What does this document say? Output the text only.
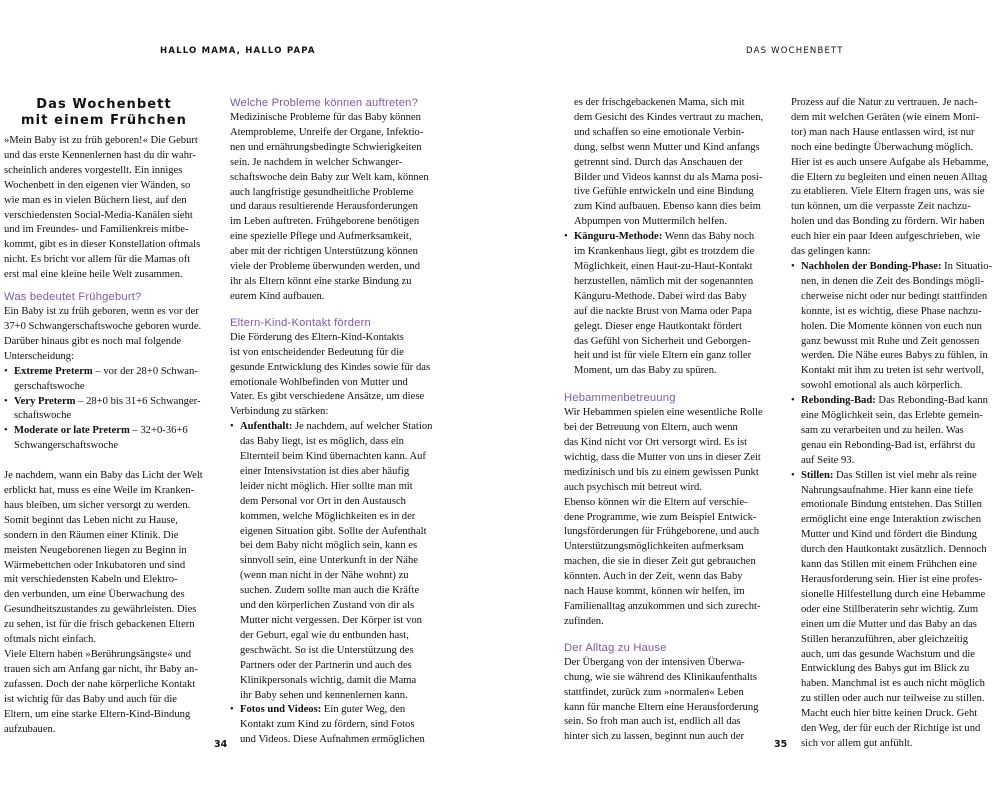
HALLO MAMA, HALLO PAPA
Das Wochenbett
mit einem Frühchen
»Mein Baby ist zu früh geboren!« Die Geburt
und das erste Kennenlernen hast du dir wahr-
scheinlich anderes vorgestellt. Ein inniges
Wochenbett in den eigenen vier Wänden, so
wie man es in vielen Büchern liest, auf den
verschiedensten Social-Media-Kanälen sieht
und im Freundes- und Familienkreis mitbe-
kommt, gibt es in dieser Konstellation oftmals
nicht. Es bricht vor allem für die Mamas oft
erst mal eine kleine heile Welt zusammen.
Was bedeutet Frühgeburt?
Ein Baby ist zu früh geboren, wenn es vor der
37+0 Schwangerschaftswoche geboren wurde.
Darüber hinaus gibt es noch mal folgende
Unterscheidung:
• Extreme Preterm – vor der 28+0 Schwan-
gerschaftswoche
• Very Preterm – 28+0 bis 31+6 Schwanger-
schaftswoche
• Moderate or late Preterm – 32+0-36+6
Schwangerschaftswoche
Je nachdem, wann ein Baby das Licht der Welt
erblickt hat, muss es eine Weile im Kranken-
haus bleiben, um sicher versorgt zu werden.
Somit beginnt das Leben nicht zu Hause,
sondern in den Räumen einer Klinik. Die
meisten Neugeborenen liegen zu Beginn in
Wärmebettchen oder Inkubatoren und sind
mit verschiedensten Kabeln und Elektro-
den verbunden, um eine Überwachung des
Gesundheitszustandes zu gewährleisten. Dies
zu sehen, ist für die frisch gebackenen Eltern
oftmals nicht einfach.
Viele Eltern haben »Berührungsängste« und
trauen sich am Anfang gar nicht, ihr Baby an-
zufassen. Doch der nahe körperliche Kontakt
ist wichtig für das Baby und auch für die
Eltern, um eine starke Eltern-Kind-Bindung
aufzubauen.
Welche Probleme können auftreten?
Medizinische Probleme für das Baby können
Atemprobleme, Unreife der Organe, Infektio-
nen und ernährungsbedingte Schwierigkeiten
sein. Je nachdem in welcher Schwanger-
schaftswoche dein Baby zur Welt kam, können
auch langfristige gesundheitliche Probleme
und daraus resultierende Herausforderungen
im Leben auftreten. Frühgeborene benötigen
eine spezielle Pflege und Aufmerksamkeit,
aber mit der richtigen Unterstützung können
viele der Probleme überwunden werden, und
ihr als Eltern könnt eine starke Bindung zu
eurem Kind aufbauen.
Eltern-Kind-Kontakt fördern
Die Förderung des Eltern-Kind-Kontakts
ist von entscheidender Bedeutung für die
gesunde Entwicklung des Kindes sowie für das
emotionale Wohlbefinden von Mutter und
Vater. Es gibt verschiedene Ansätze, um diese
Verbindung zu stärken:
• Aufenthalt: Je nachdem, auf welcher Station
das Baby liegt, ist es möglich, dass ein
Elternteil beim Kind übernachten kann. Auf
einer Intensivstation ist dies aber häufig
leider nicht möglich. Hier sollte man mit
dem Personal vor Ort in den Austausch
kommen, welche Möglichkeiten es in der
eigenen Situation gibt. Sollte der Aufenthalt
bei dem Baby nicht möglich sein, kann es
sinnvoll sein, eine Unterkunft in der Nähe
(wenn man nicht in der Nähe wohnt) zu
suchen. Zudem sollte man auch die Kräfte
und den körperlichen Zustand von dir als
Mutter nicht vergessen. Der Körper ist von
der Geburt, egal wie du entbunden hast,
geschwächt. So ist die Unterstützung des
Partners oder der Partnerin und auch des
Klinikpersonals wichtig, damit die Mama
ihr Baby sehen und kennenlernen kann.
• Fotos und Videos: Ein guter Weg, den
Kontakt zum Kind zu fördern, sind Fotos
und Videos. Diese Aufnahmen ermöglichen
34
DAS WOCHENBETT
es der frischgebackenen Mama, sich mit
dem Gesicht des Kindes vertraut zu machen,
und schaffen so eine emotionale Verbin-
dung, selbst wenn Mutter und Kind anfangs
getrennt sind. Durch das Anschauen der
Bilder und Videos kannst du als Mama posi-
tive Gefühle entwickeln und eine Bindung
zum Kind aufbauen. Ebenso kann dies beim
Abpumpen von Muttermilch helfen.
• Känguru-Methode: Wenn das Baby noch
im Krankenhaus liegt, gibt es trotzdem die
Möglichkeit, einen Haut-zu-Haut-Kontakt
herzustellen, nämlich mit der sogenannten
Känguru-Methode. Dabei wird das Baby
auf die nackte Brust von Mama oder Papa
gelegt. Dieser enge Hautkontakt fördert
das Gefühl von Sicherheit und Geborgen-
heit und ist für viele Eltern ein ganz toller
Moment, um das Baby zu spüren.
Hebammenbetreuung
Wir Hebammen spielen eine wesentliche Rolle
bei der Betreuung von Eltern, auch wenn
das Kind nicht vor Ort versorgt wird. Es ist
wichtig, dass die Mutter von uns in dieser Zeit
medizinisch und bis zu einem gewissen Punkt
auch psychisch mit betreut wird.
Ebenso können wir die Eltern auf verschie-
dene Programme, wie zum Beispiel Entwick-
lungsförderungen für Frühgeborene, und auch
Unterstützungsmöglichkeiten aufmerksam
machen, die sie in dieser Zeit gut gebrauchen
könnten. Auch in der Zeit, wenn das Baby
nach Hause kommt, können wir helfen, im
Familienalltag anzukommen und sich zurecht-
zufinden.
Der Alltag zu Hause
Der Übergang von der intensiven Überwa-
chung, wie sie während des Klinikaufenthalts
stattfindet, zurück zum »normalen« Leben
kann für manche Eltern eine Herausforderung
sein. So froh man auch ist, endlich all das
hinter sich zu lassen, beginnt nun auch der
Prozess auf die Natur zu vertrauen. Je nach-
dem mit welchen Geräten (wie einem Moni-
tor) man nach Hause entlassen wird, ist nur
noch eine bedingte Überwachung möglich.
Hier ist es auch unsere Aufgabe als Hebamme,
die Eltern zu begleiten und einen neuen Alltag
zu etablieren. Viele Eltern fragen uns, was sie
tun können, um die verpasste Zeit nachzu-
holen und das Bonding zu fördern. Wir haben
euch hier ein paar Ideen aufgeschrieben, wie
das gelingen kann:
• Nachholen der Bonding-Phase: In Situatio-
nen, in denen die Zeit des Bondings mögli-
cherweise nicht oder nur bedingt stattfinden
konnte, ist es wichtig, diese Phase nachzu-
holen. Die Momente können von euch nun
ganz bewusst mit Ruhe und Zeit genossen
werden. Die Nähe eures Babys zu fühlen, in
Kontakt mit ihm zu treten ist sehr wertvoll,
sowohl emotional als auch körperlich.
• Rebonding-Bad: Das Rebonding-Bad kann
eine Möglichkeit sein, das Erlebte gemein-
sam zu verarbeiten und zu heilen. Was
genau ein Rebonding-Bad ist, erfährst du
auf Seite 93.
• Stillen: Das Stillen ist viel mehr als reine
Nahrungsaufnahme. Hier kann eine tiefe
emotionale Bindung entstehen. Das Stillen
ermöglicht eine enge Interaktion zwischen
Mutter und Kind und fördert die Bindung
durch den Hautkontakt zusätzlich. Dennoch
kann das Stillen mit einem Frühchen eine
Herausforderung sein. Hier ist eine profes-
sionelle Hilfestellung durch eine Hebamme
oder eine Stillberaterin sehr wichtig. Zum
einen um die Mutter und das Baby an das
Stillen heranzuführen, aber gleichzeitig
auch, um das gesunde Wachstum und die
Entwicklung des Babys gut im Blick zu
haben. Manchmal ist es auch nicht möglich
zu stillen oder auch nur teilweise zu stillen.
Macht euch hier bitte keinen Druck. Geht
den Weg, der für euch der Richtige ist und
sich vor allem gut anfühlt.
35
